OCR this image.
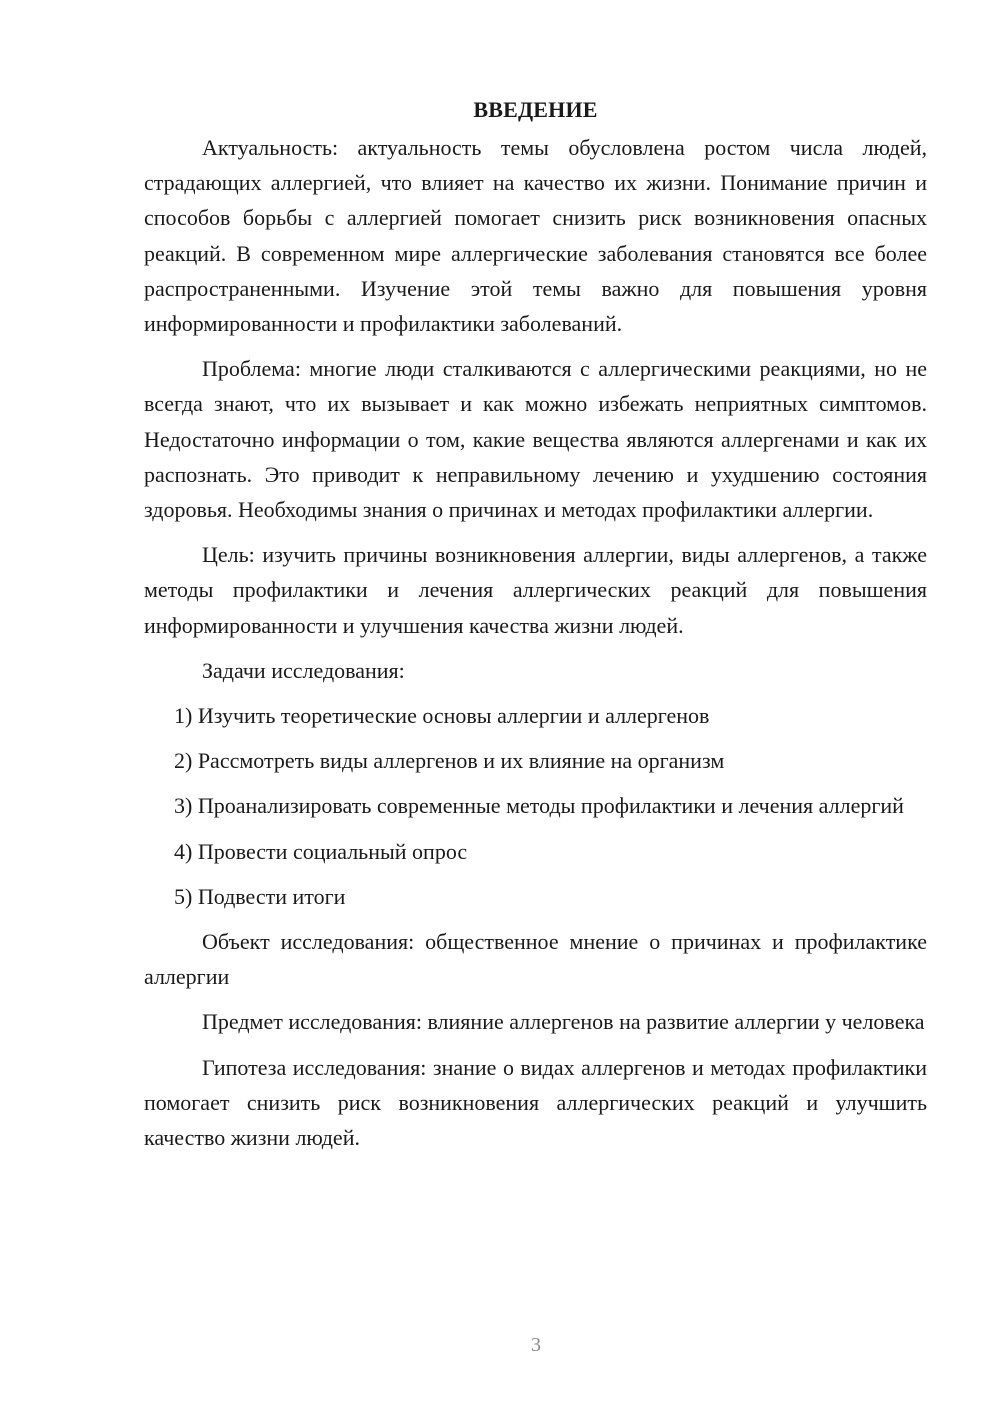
ВВЕДЕНИЕ

Актуальность: актуальность темы обусловлена ростом числа людей, страдающих аллергией, что влияет на качество их жизни. Понимание причин и способов борьбы с аллергией помогает снизить риск возникновения опасных реакций. В современном мире аллергические заболевания становятся все более распространенными. Изучение этой темы важно для повышения уровня информированности и профилактики заболеваний.

Проблема: многие люди сталкиваются с аллергическими реакциями, но не всегда знают, что их вызывает и как можно избежать неприятных симптомов. Недостаточно информации о том, какие вещества являются аллергенами и как их распознать. Это приводит к неправильному лечению и ухудшению состояния здоровья. Необходимы знания о причинах и методах профилактики аллергии.

Цель: изучить причины возникновения аллергии, виды аллергенов, а также методы профилактики и лечения аллергических реакций для повышения информированности и улучшения качества жизни людей.

Задачи исследования:

1) Изучить теоретические основы аллергии и аллергенов

2) Рассмотреть виды аллергенов и их влияние на организм

3) Проанализировать современные методы профилактики и лечения аллергий

4) Провести социальный опрос

5) Подвести итоги

Объект исследования: общественное мнение о причинах и профилактике аллергии

Предмет исследования: влияние аллергенов на развитие аллергии у человека

Гипотеза исследования: знание о видах аллергенов и методах профилактики помогает снизить риск возникновения аллергических реакций и улучшить качество жизни людей.

3
